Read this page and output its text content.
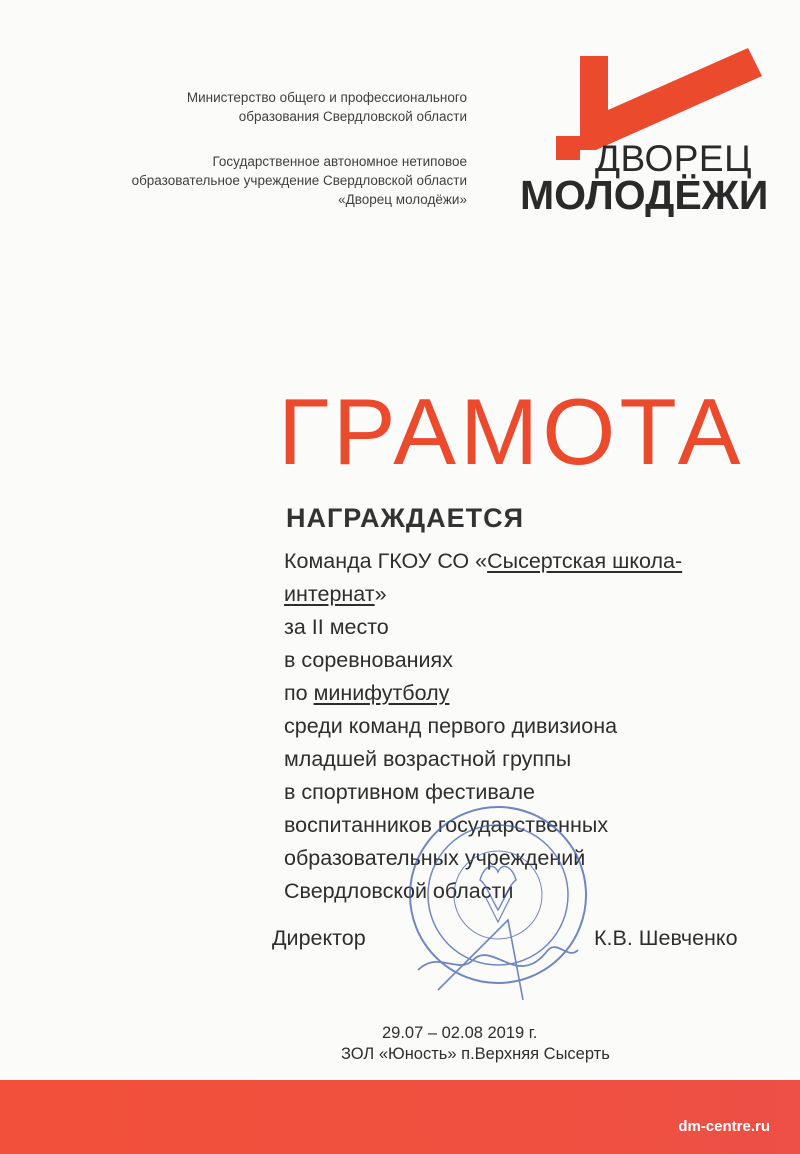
Министерство общего и профессионального
образования Свердловской области
Государственное автономное нетиповое
образовательное учреждение Свердловской области
«Дворец молодёжи»
ДВОРЕЦ
МОЛОДЁЖИ
ГРАМОТА
НАГРАЖДАЕТСЯ
Команда ГКОУ СО «Сысертская школа-
интернат»
за II место
в соревнованиях
по минифутболу
среди команд первого дивизиона
младшей возрастной группы
в спортивном фестивале
воспитанников государственных
образовательных учреждений
Свердловской области
Директор	К.В. Шевченко
29.07 – 02.08 2019 г.
ЗОЛ «Юность» п.Верхняя Сысерть
dm-centre.ru
